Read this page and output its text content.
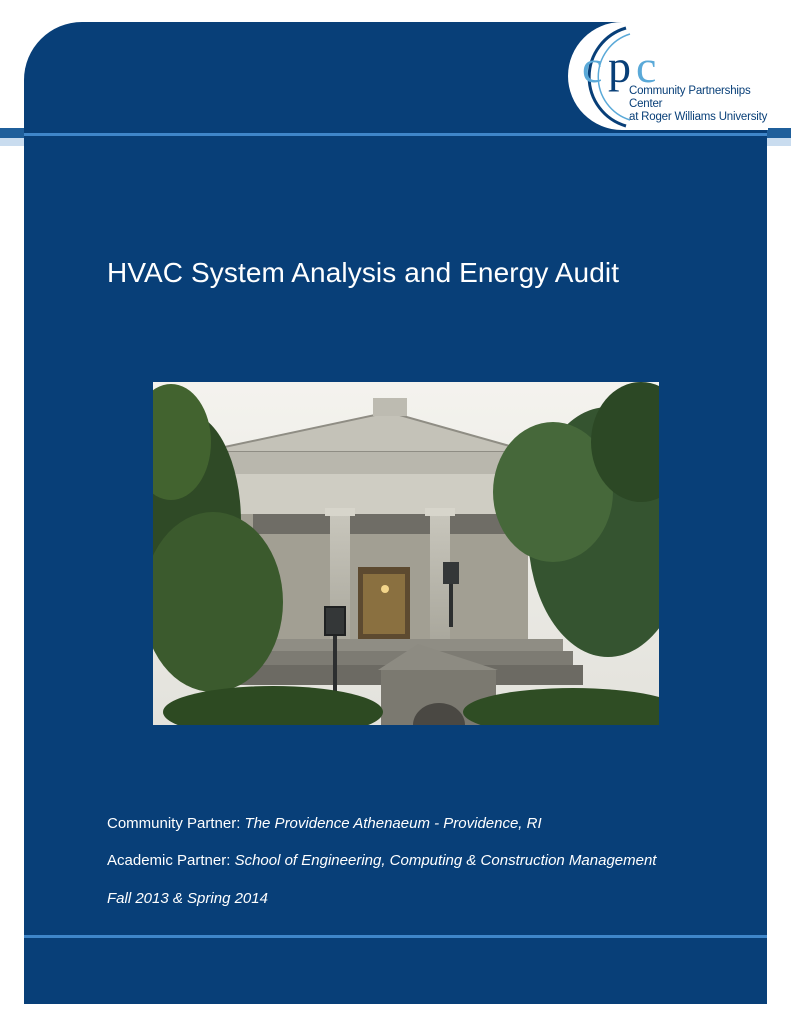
c p c
Community Partnerships Center
at Roger Williams University
HVAC System Analysis and Energy Audit
Community Partner: The Providence Athenaeum - Providence, RI
Academic Partner: School of Engineering, Computing & Construction Management
Fall 2013 & Spring 2014
